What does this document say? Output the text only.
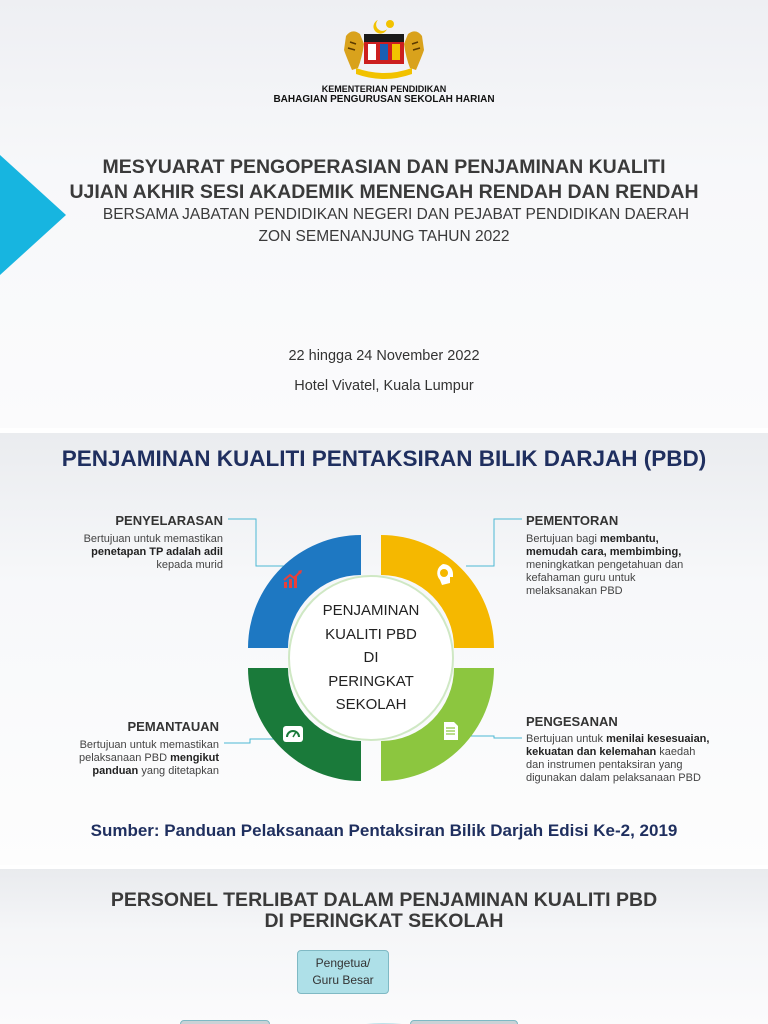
KEMENTERIAN PENDIDIKAN
BAHAGIAN PENGURUSAN SEKOLAH HARIAN
MESYUARAT PENGOPERASIAN DAN PENJAMINAN KUALITI
UJIAN AKHIR SESI AKADEMIK MENENGAH RENDAH DAN RENDAH
BERSAMA JABATAN PENDIDIKAN NEGERI DAN PEJABAT PENDIDIKAN DAERAH
ZON SEMENANJUNG TAHUN 2022
22 hingga 24 November 2022
Hotel Vivatel, Kuala Lumpur
PENJAMINAN KUALITI PENTAKSIRAN BILIK DARJAH (PBD)
PENJAMINAN
KUALITI PBD
DI
PERINGKAT
SEKOLAH
PENYELARASAN
Bertujuan untuk memastikan
penetapan TP adalah adil
kepada murid
PEMENTORAN
Bertujuan bagi membantu,
memudah cara, membimbing,
meningkatkan pengetahuan dan
kefahaman guru untuk
melaksanakan PBD
PEMANTAUAN
Bertujuan untuk memastikan
pelaksanaan PBD mengikut
panduan yang ditetapkan
PENGESANAN
Bertujuan untuk menilai kesesuaian,
kekuatan dan kelemahan kaedah
dan instrumen pentaksiran yang
digunakan dalam pelaksanaan PBD
Sumber: Panduan Pelaksanaan Pentaksiran Bilik Darjah Edisi Ke-2, 2019
PERSONEL TERLIBAT DALAM PENJAMINAN KUALITI PBD
DI PERINGKAT SEKOLAH
Pengetua/
Guru Besar
